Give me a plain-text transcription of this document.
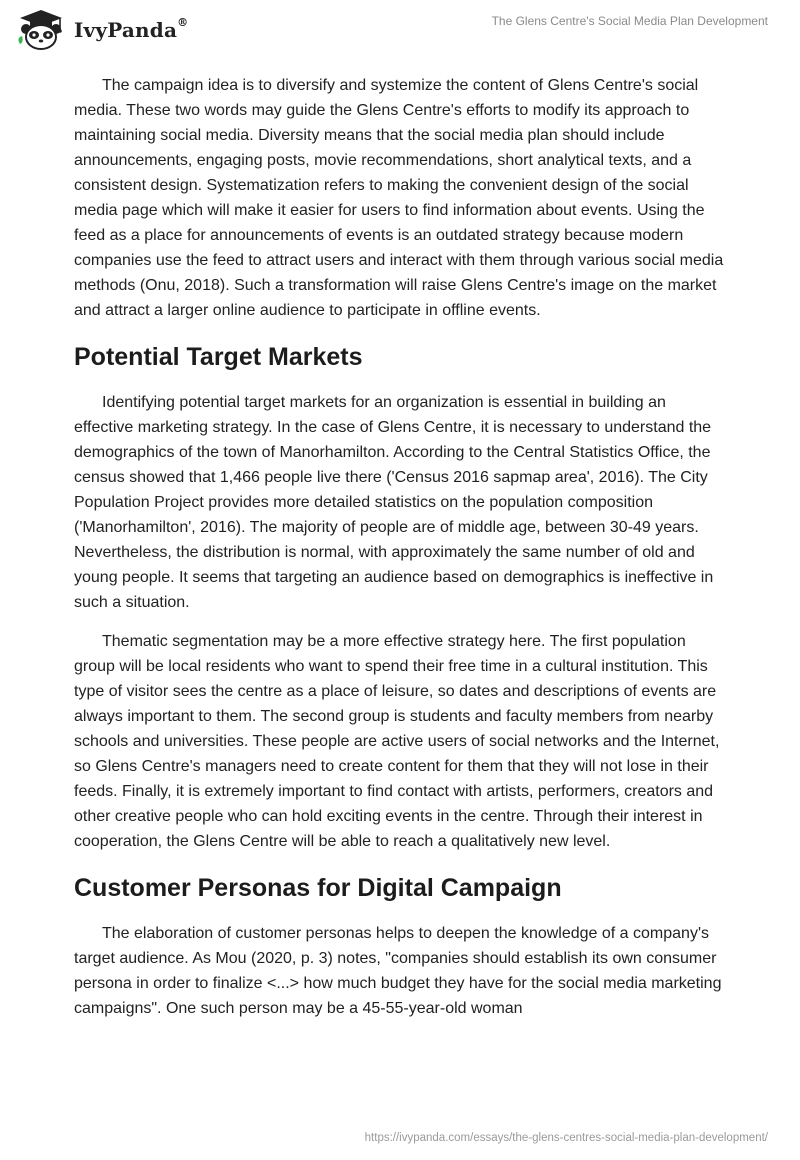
IvyPanda®	The Glens Centre's Social Media Plan Development

The campaign idea is to diversify and systemize the content of Glens Centre's social media. These two words may guide the Glens Centre's efforts to modify its approach to maintaining social media. Diversity means that the social media plan should include announcements, engaging posts, movie recommendations, short analytical texts, and a consistent design. Systematization refers to making the convenient design of the social media page which will make it easier for users to find information about events. Using the feed as a place for announcements of events is an outdated strategy because modern companies use the feed to attract users and interact with them through various social media methods (Onu, 2018). Such a transformation will raise Glens Centre's image on the market and attract a larger online audience to participate in offline events.

Potential Target Markets

Identifying potential target markets for an organization is essential in building an effective marketing strategy. In the case of Glens Centre, it is necessary to understand the demographics of the town of Manorhamilton. According to the Central Statistics Office, the census showed that 1,466 people live there ('Census 2016 sapmap area', 2016). The City Population Project provides more detailed statistics on the population composition ('Manorhamilton', 2016). The majority of people are of middle age, between 30-49 years. Nevertheless, the distribution is normal, with approximately the same number of old and young people. It seems that targeting an audience based on demographics is ineffective in such a situation.

Thematic segmentation may be a more effective strategy here. The first population group will be local residents who want to spend their free time in a cultural institution. This type of visitor sees the centre as a place of leisure, so dates and descriptions of events are always important to them. The second group is students and faculty members from nearby schools and universities. These people are active users of social networks and the Internet, so Glens Centre's managers need to create content for them that they will not lose in their feeds. Finally, it is extremely important to find contact with artists, performers, creators and other creative people who can hold exciting events in the centre. Through their interest in cooperation, the Glens Centre will be able to reach a qualitatively new level.

Customer Personas for Digital Campaign

The elaboration of customer personas helps to deepen the knowledge of a company's target audience. As Mou (2020, p. 3) notes, "companies should establish its own consumer persona in order to finalize <...> how much budget they have for the social media marketing campaigns". One such person may be a 45-55-year-old woman

https://ivypanda.com/essays/the-glens-centres-social-media-plan-development/
